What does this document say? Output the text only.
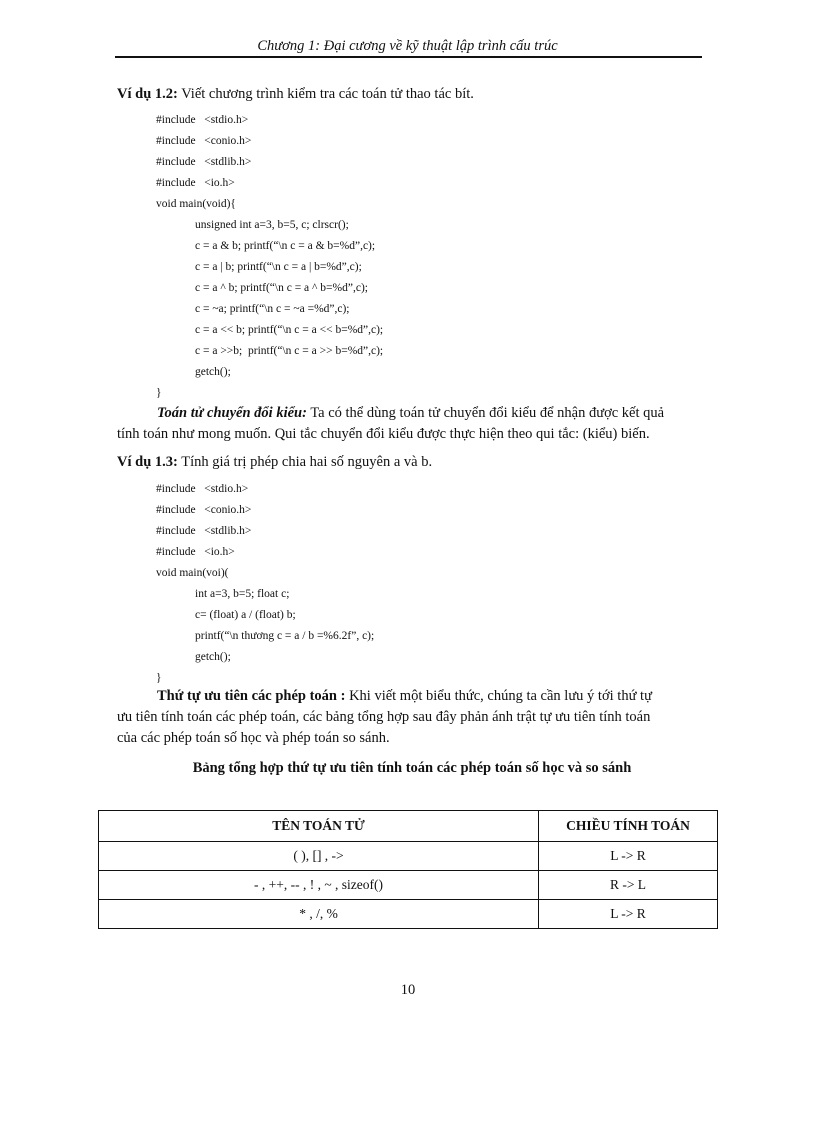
Chương 1: Đại cương về kỹ thuật lập trình cấu trúc
Ví dụ 1.2: Viết chương trình kiểm tra các toán tử thao tác bít.
#include   <stdio.h>
#include   <conio.h>
#include   <stdlib.h>
#include   <io.h>
void main(void){
unsigned int a=3, b=5, c; clrscr();
c = a & b; printf(“\n c = a & b=%d”,c);
c = a | b; printf(“\n c = a | b=%d”,c);
c = a ^ b; printf(“\n c = a ^ b=%d”,c);
c = ~a; printf(“\n c = ~a =%d”,c);
c = a << b; printf(“\n c = a << b=%d”,c);
c = a >>b;  printf(“\n c = a >> b=%d”,c);
getch();
}
Toán tử chuyển đổi kiểu: Ta có thể dùng toán tử chuyển đổi kiểu để nhận được kết quả
tính toán như mong muốn. Qui tắc chuyển đổi kiểu được thực hiện theo qui tắc: (kiểu) biến.
Ví dụ 1.3: Tính giá trị phép chia hai số nguyên a và b.
#include   <stdio.h>
#include   <conio.h>
#include   <stdlib.h>
#include   <io.h>
void main(voi)(
int a=3, b=5; float c;
c= (float) a / (float) b;
printf(“\n thương c = a / b =%6.2f”, c);
getch();
}
Thứ tự ưu tiên các phép toán : Khi viết một biểu thức, chúng ta cần lưu ý tới thứ tự
ưu tiên tính toán các phép toán, các bảng tổng hợp sau đây phản ánh trật tự ưu tiên tính toán
của các phép toán số học và phép toán so sánh.
Bảng tổng hợp thứ tự ưu tiên tính toán các phép toán số học và so sánh
TÊN TOÁN TỬ	CHIỀU TÍNH TOÁN
( ), [] , ->	L -> R
- , ++, -- , ! , ~ , sizeof()	R -> L
* , /, %	L -> R
10
